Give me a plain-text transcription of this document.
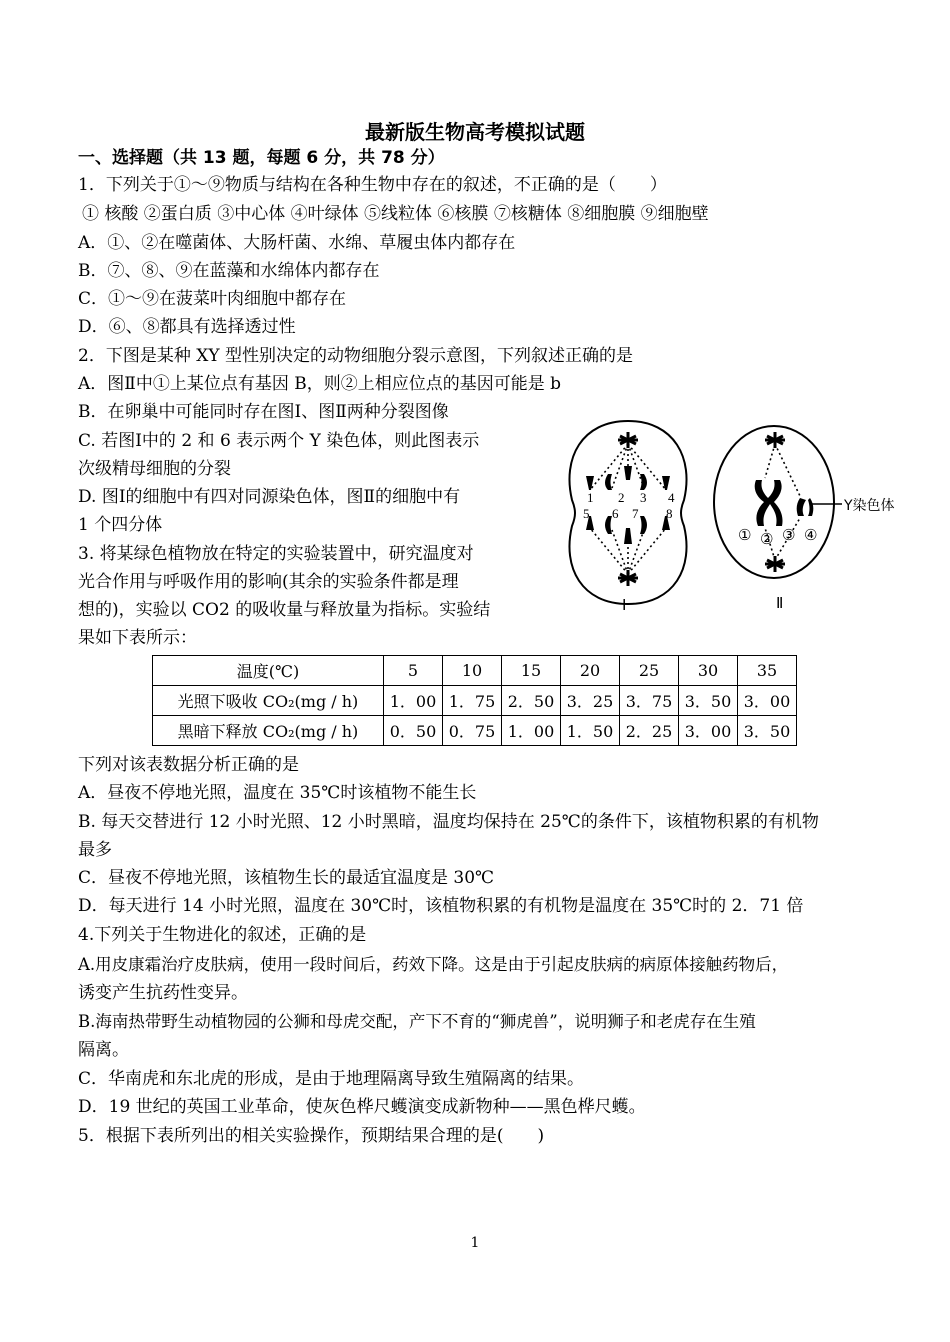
最新版生物高考模拟试题
一、选择题（共 13 题，每题 6 分，共 78 分）
1．下列关于①～⑨物质与结构在各种生物中存在的叙述，不正确的是（　　）
① 核酸 ②蛋白质 ③中心体 ④叶绿体 ⑤线粒体 ⑥核膜 ⑦核糖体 ⑧细胞膜 ⑨细胞壁
A．①、②在噬菌体、大肠杆菌、水绵、草履虫体内都存在
B．⑦、⑧、⑨在蓝藻和水绵体内都存在
C．①～⑨在菠菜叶肉细胞中都存在
D．⑥、⑧都具有选择透过性
2．下图是某种 XY 型性别决定的动物细胞分裂示意图，下列叙述正确的是
A．图Ⅱ中①上某位点有基因 B，则②上相应位点的基因可能是 b
B．在卵巢中可能同时存在图Ⅰ、图Ⅱ两种分裂图像
C. 若图Ⅰ中的 2 和 6 表示两个 Y 染色体，则此图表示
次级精母细胞的分裂
D. 图Ⅰ的细胞中有四对同源染色体，图Ⅱ的细胞中有
1 个四分体
3. 将某绿色植物放在特定的实验装置中，研究温度对
光合作用与呼吸作用的影响(其余的实验条件都是理
想的)，实验以 CO2 的吸收量与释放量为指标。实验结
果如下表所示：
1 2 3 4
5 6 7 8
Ⅰ
Y染色体
① ② ③ ④
Ⅱ
温度(℃)	5	10	15	20	25	30	35
光照下吸收 CO₂(mg / h)	1．00	1．75	2．50	3．25	3．75	3．50	3．00
黑暗下释放 CO₂(mg / h)	0．50	0．75	1．00	1．50	2．25	3．00	3．50
下列对该表数据分析正确的是
A．昼夜不停地光照，温度在 35℃时该植物不能生长
B. 每天交替进行 12 小时光照、12 小时黑暗，温度均保持在 25℃的条件下，该植物积累的有机物
最多
C．昼夜不停地光照，该植物生长的最适宜温度是 30℃
D．每天进行 14 小时光照，温度在 30℃时，该植物积累的有机物是温度在 35℃时的 2．71 倍
4.下列关于生物进化的叙述，正确的是
A.用皮康霜治疗皮肤病，使用一段时间后，药效下降。这是由于引起皮肤病的病原体接触药物后，
诱变产生抗药性变异。
B.海南热带野生动植物园的公狮和母虎交配，产下不育的“狮虎兽”，说明狮子和老虎存在生殖
隔离。
C．华南虎和东北虎的形成，是由于地理隔离导致生殖隔离的结果。
D．19 世纪的英国工业革命，使灰色桦尺蠖演变成新物种——黑色桦尺蠖。
5．根据下表所列出的相关实验操作，预期结果合理的是(　　)
1
